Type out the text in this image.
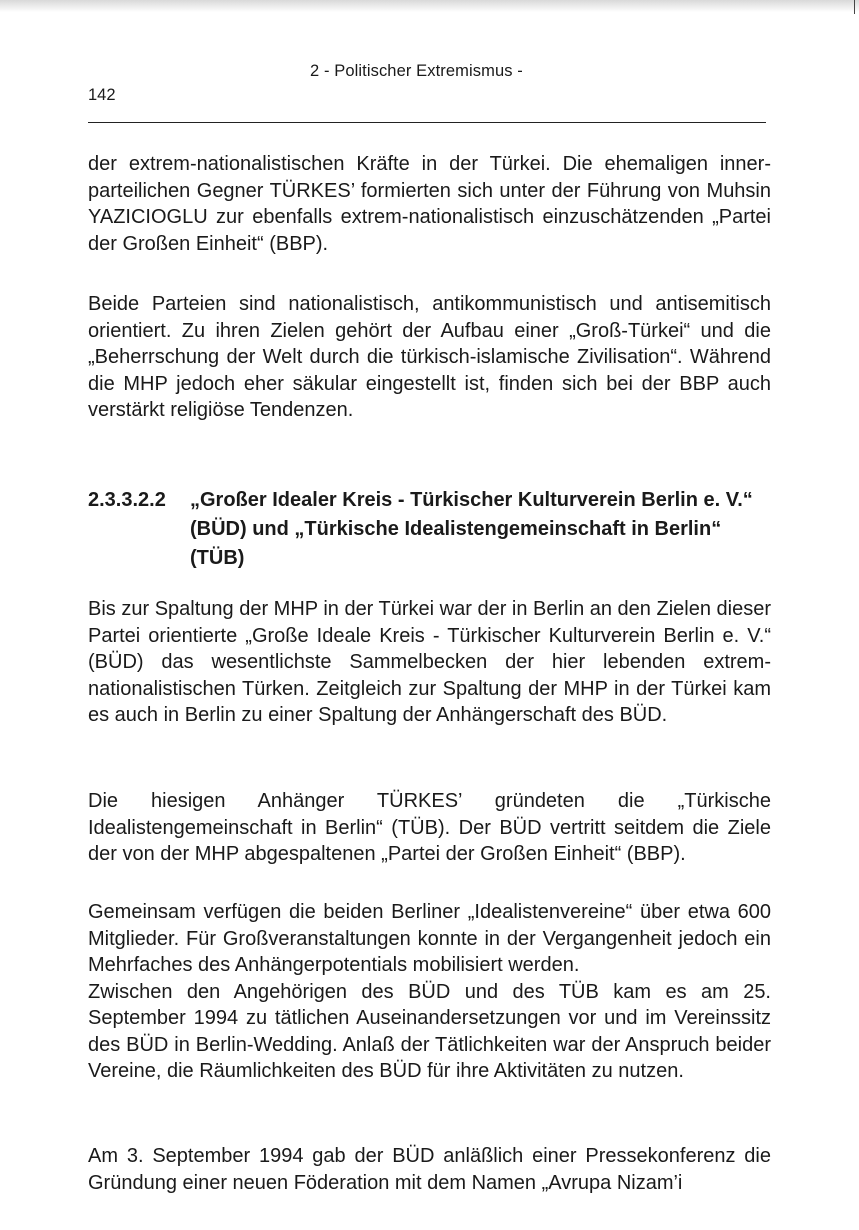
2 - Politischer Extremismus -
142

der extrem-nationalistischen Kräfte in der Türkei. Die ehemaligen inner-parteilichen Gegner TÜRKES’ formierten sich unter der Führung von Muhsin YAZICIOGLU zur ebenfalls extrem-nationalistisch einzuschätzenden „Partei der Großen Einheit“ (BBP).

Beide Parteien sind nationalistisch, antikommunistisch und antisemitisch orientiert. Zu ihren Zielen gehört der Aufbau einer „Groß-Türkei“ und die „Beherrschung der Welt durch die türkisch-islamische Zivilisation“. Während die MHP jedoch eher säkular eingestellt ist, finden sich bei der BBP auch verstärkt religiöse Tendenzen.

2.3.3.2.2 „Großer Idealer Kreis - Türkischer Kulturverein Berlin e. V.“ (BÜD) und „Türkische Idealistengemeinschaft in Berlin“ (TÜB)

Bis zur Spaltung der MHP in der Türkei war der in Berlin an den Zielen dieser Partei orientierte „Große Ideale Kreis - Türkischer Kulturverein Berlin e. V.“ (BÜD) das wesentlichste Sammelbecken der hier lebenden extrem-nationalistischen Türken. Zeitgleich zur Spaltung der MHP in der Türkei kam es auch in Berlin zu einer Spaltung der Anhängerschaft des BÜD.

Die hiesigen Anhänger TÜRKES’ gründeten die „Türkische Idealistengemeinschaft in Berlin“ (TÜB). Der BÜD vertritt seitdem die Ziele der von der MHP abgespaltenen „Partei der Großen Einheit“ (BBP).

Gemeinsam verfügen die beiden Berliner „Idealistenvereine“ über etwa 600 Mitglieder. Für Großveranstaltungen konnte in der Vergangenheit jedoch ein Mehrfaches des Anhängerpotentials mobilisiert werden.

Zwischen den Angehörigen des BÜD und des TÜB kam es am 25. September 1994 zu tätlichen Auseinandersetzungen vor und im Vereinssitz des BÜD in Berlin-Wedding. Anlaß der Tätlichkeiten war der Anspruch beider Vereine, die Räumlichkeiten des BÜD für ihre Aktivitäten zu nutzen.

Am 3. September 1994 gab der BÜD anläßlich einer Pressekonferenz die Gründung einer neuen Föderation mit dem Namen „Avrupa Nizam’i
